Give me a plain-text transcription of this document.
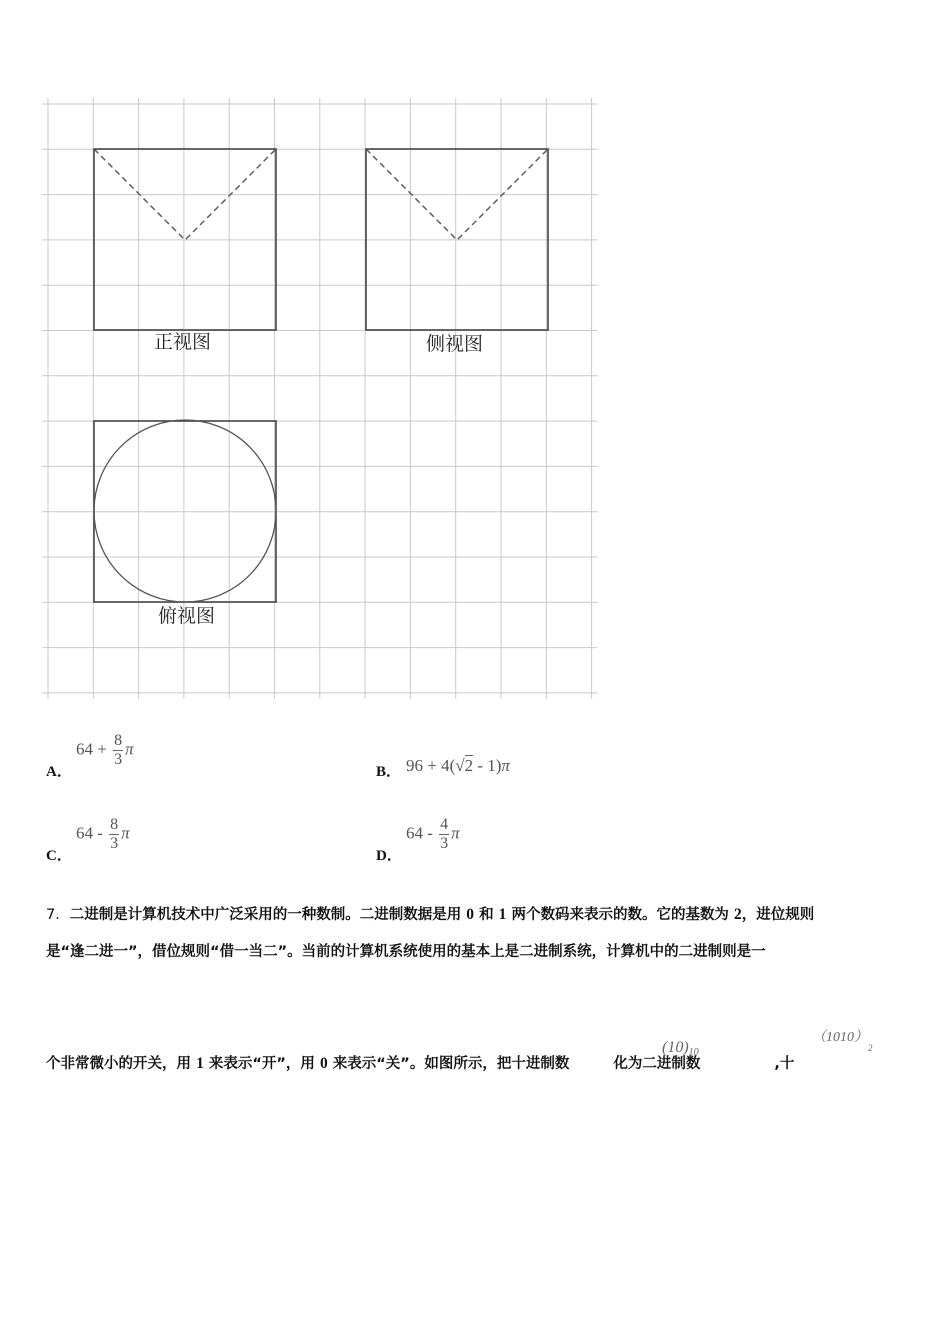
正视图	侧视图
俯视图
A．
$64 + \frac{8}{3}$ π
B． 96 + 4(√2 - 1)π
C．
$64 - \frac{8}{3}$ π
D．
$64 - \frac{4}{3}$ π
7．二进制是计算机技术中广泛采用的一种数制。二进制数据是用 0 和 1 两个数码来表示的数。它的基数为 2，进位规则
是“逢二进一”，借位规则“借一当二”。当前的计算机系统使用的基本上是二进制系统，计算机中的二进制则是一
个非常微小的开关，用 1 来表示“开”，用 0 来表示“关”。如图所示，把十进制数	化为二进制数	,十
(10)10
$(1010)_2$
